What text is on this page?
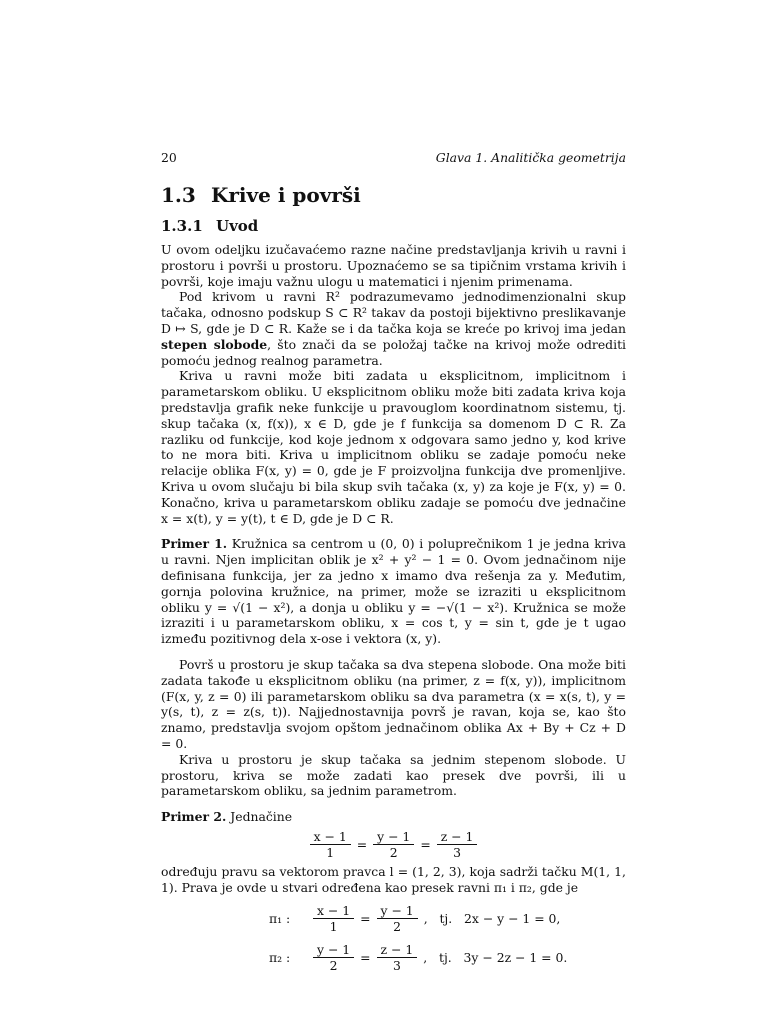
20	Glava 1. Analitička geometrija
1.3 Krive i površi
1.3.1 Uvod

U ovom odeljku izučavaćemo razne načine predstavljanja krivih u ravni i prostoru i površi u prostoru. Upoznaćemo se sa tipičnim vrstama krivih i površi, koje imaju važnu ulogu u matematici i njenim primenama.

Pod krivom u ravni R² podrazumevamo jednodimenzionalni skup tačaka, odnosno podskup S ⊂ R² takav da postoji bijektivno preslikavanje D ↦ S, gde je D ⊂ R. Kaže se i da tačka koja se kreće po krivoj ima jedan stepen slobode, što znači da se položaj tačke na krivoj može odrediti pomoću jednog realnog parametra.

Kriva u ravni može biti zadata u eksplicitnom, implicitnom i parametarskom obliku. U eksplicitnom obliku može biti zadata kriva koja predstavlja grafik neke funkcije u pravouglom koordinatnom sistemu, tj. skup tačaka (x, f(x)), x ∈ D, gde je f funkcija sa domenom D ⊂ R. Za razliku od funkcije, kod koje jednom x odgovara samo jedno y, kod krive to ne mora biti. Kriva u implicitnom obliku se zadaje pomoću neke relacije oblika F(x, y) = 0, gde je F proizvoljna funkcija dve promenljive. Kriva u ovom slučaju bi bila skup svih tačaka (x, y) za koje je F(x, y) = 0. Konačno, kriva u parametarskom obliku zadaje se pomoću dve jednačine x = x(t), y = y(t), t ∈ D, gde je D ⊂ R.

Primer 1. Kružnica sa centrom u (0, 0) i poluprečnikom 1 je jedna kriva u ravni. Njen implicitan oblik je x² + y² − 1 = 0. Ovom jednačinom nije definisana funkcija, jer za jedno x imamo dva rešenja za y. Međutim, gornja polovina kružnice, na primer, može se izraziti u eksplicitnom obliku y = √(1 − x²), a donja u obliku y = −√(1 − x²). Kružnica se može izraziti i u parametarskom obliku, x = cos t, y = sin t, gde je t ugao između pozitivnog dela x-ose i vektora (x, y).

Površ u prostoru je skup tačaka sa dva stepena slobode. Ona može biti zadata takođe u eksplicitnom obliku (na primer, z = f(x, y)), implicitnom (F(x, y, z = 0) ili parametarskom obliku sa dva parametra (x = x(s, t), y = y(s, t), z = z(s, t)). Najjednostavnija površ je ravan, koja se, kao što znamo, predstavlja svojom opštom jednačinom oblika Ax + By + Cz + D = 0.

Kriva u prostoru je skup tačaka sa jednim stepenom slobode. U prostoru, kriva se može zadati kao presek dve površi, ili u parametarskom obliku, sa jednim parametrom.

Primer 2. Jednačine

$\frac{x - 1}{1} = \frac{y - 1}{2} = \frac{z - 1}{3}$

određuju pravu sa vektorom pravca l = (1, 2, 3), koja sadrži tačku M(1, 1, 1). Prava je ovde u stvari određena kao presek ravni π₁ i π₂, gde je

π₁ :	$\frac{x - 1}{1} = \frac{y - 1}{2}$ ,   tj.   2x − y − 1 = 0,
π₂ :	$\frac{y - 1}{2} = \frac{z - 1}{3}$ ,   tj.   3y − 2z − 1 = 0.
